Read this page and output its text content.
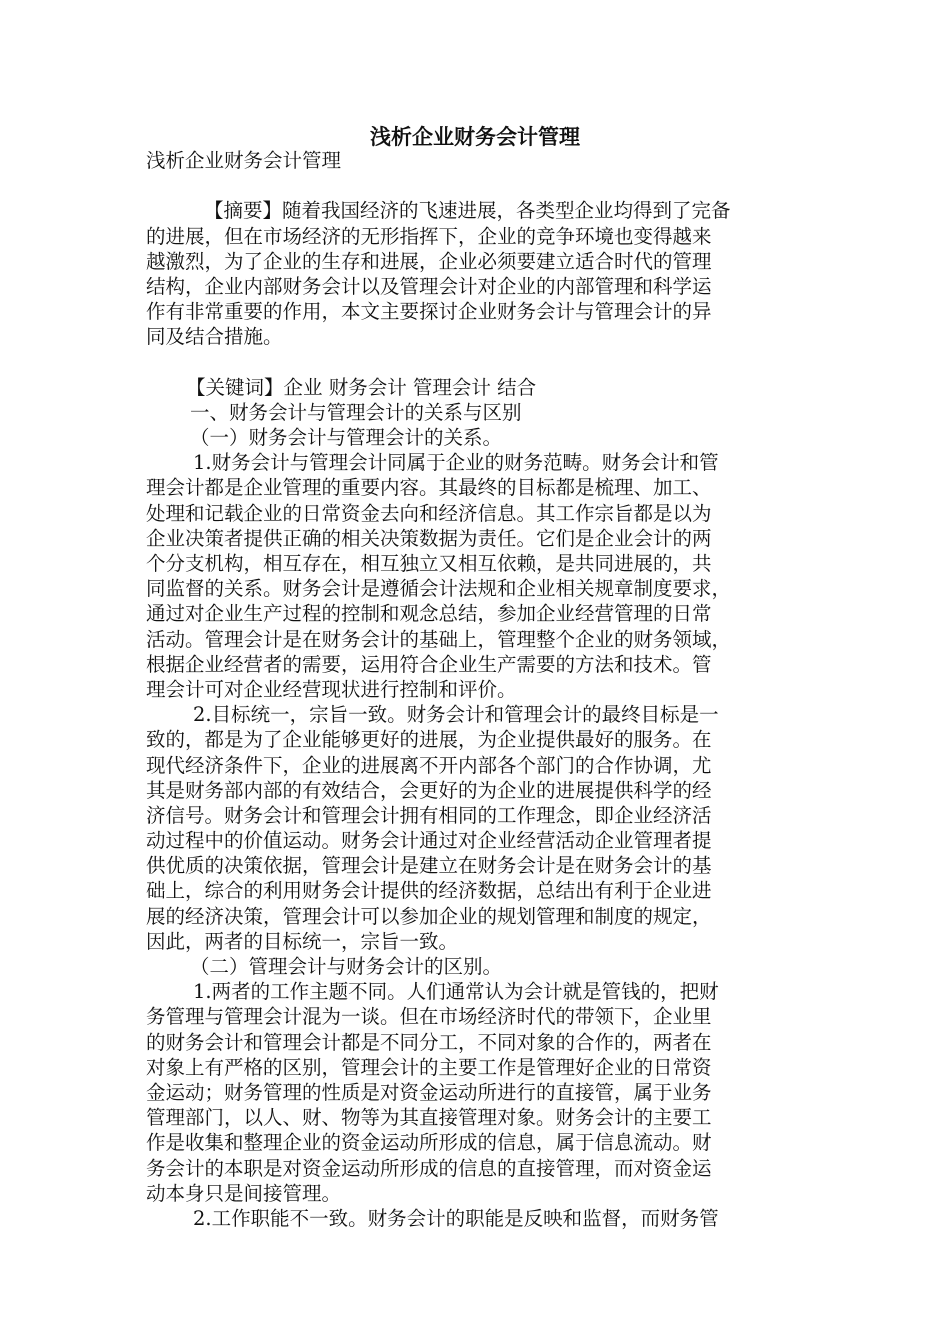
浅析企业财务会计管理
浅析企业财务会计管理
【摘要】随着我国经济的飞速进展，各类型企业均得到了完备
的进展，但在市场经济的无形指挥下，企业的竞争环境也变得越来
越激烈，为了企业的生存和进展，企业必须要建立适合时代的管理
结构，企业内部财务会计以及管理会计对企业的内部管理和科学运
作有非常重要的作用，本文主要探讨企业财务会计与管理会计的异
同及结合措施。
【关键词】企业 财务会计 管理会计 结合
一、财务会计与管理会计的关系与区别
（一）财务会计与管理会计的关系。
1.财务会计与管理会计同属于企业的财务范畴。财务会计和管
理会计都是企业管理的重要内容。其最终的目标都是梳理、加工、
处理和记载企业的日常资金去向和经济信息。其工作宗旨都是以为
企业决策者提供正确的相关决策数据为责任。它们是企业会计的两
个分支机构，相互存在，相互独立又相互依赖，是共同进展的，共
同监督的关系。财务会计是遵循会计法规和企业相关规章制度要求，
通过对企业生产过程的控制和观念总结，参加企业经营管理的日常
活动。管理会计是在财务会计的基础上，管理整个企业的财务领域，
根据企业经营者的需要，运用符合企业生产需要的方法和技术。管
理会计可对企业经营现状进行控制和评价。
2.目标统一，宗旨一致。财务会计和管理会计的最终目标是一
致的，都是为了企业能够更好的进展，为企业提供最好的服务。在
现代经济条件下，企业的进展离不开内部各个部门的合作协调，尤
其是财务部内部的有效结合，会更好的为企业的进展提供科学的经
济信号。财务会计和管理会计拥有相同的工作理念，即企业经济活
动过程中的价值运动。财务会计通过对企业经营活动企业管理者提
供优质的决策依据，管理会计是建立在财务会计是在财务会计的基
础上，综合的利用财务会计提供的经济数据，总结出有利于企业进
展的经济决策，管理会计可以参加企业的规划管理和制度的规定，
因此，两者的目标统一，宗旨一致。
（二）管理会计与财务会计的区别。
1.两者的工作主题不同。人们通常认为会计就是管钱的，把财
务管理与管理会计混为一谈。但在市场经济时代的带领下，企业里
的财务会计和管理会计都是不同分工，不同对象的合作的，两者在
对象上有严格的区别，管理会计的主要工作是管理好企业的日常资
金运动；财务管理的性质是对资金运动所进行的直接管，属于业务
管理部门，以人、财、物等为其直接管理对象。财务会计的主要工
作是收集和整理企业的资金运动所形成的信息，属于信息流动。财
务会计的本职是对资金运动所形成的信息的直接管理，而对资金运
动本身只是间接管理。
2.工作职能不一致。财务会计的职能是反映和监督，而财务管
